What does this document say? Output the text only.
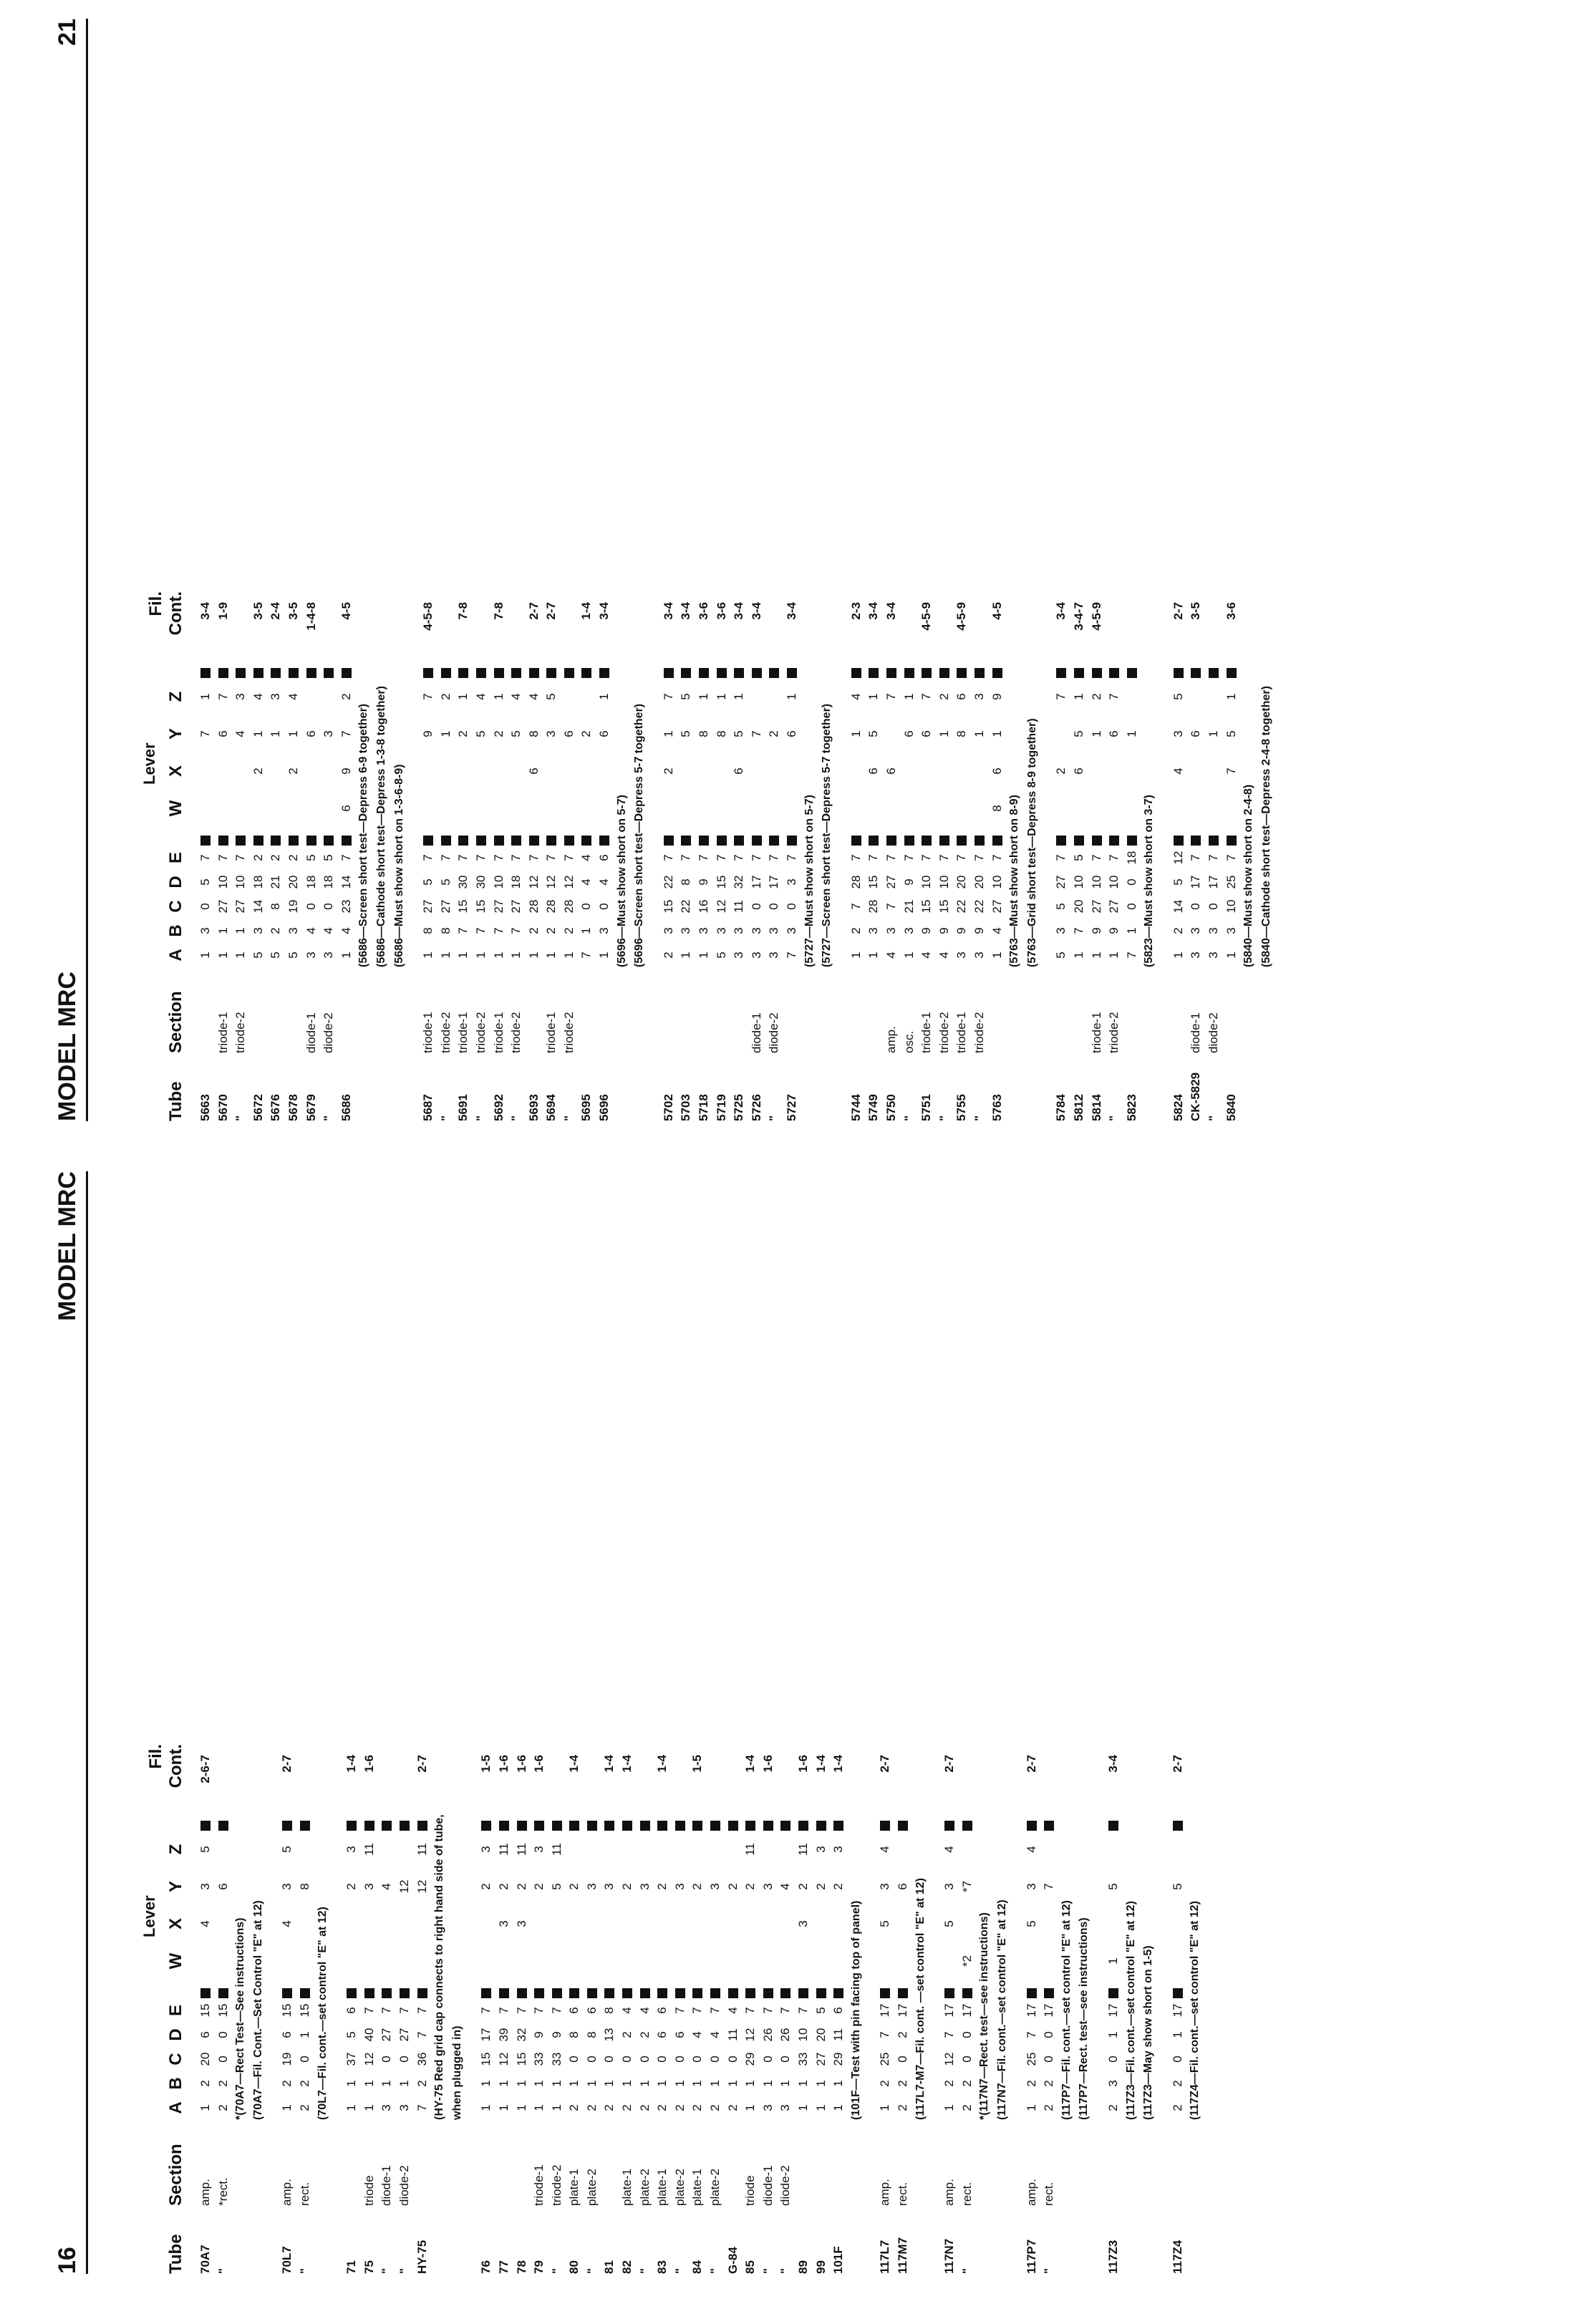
16
MODEL MRC
Tube
Section
A
B
C
D
E
W
X
Y
Z
Lever
Fil. Cont.
70A7
amp.
1
2
20
6
15
4
3
5
2-6-7
"
*rect.
2
2
0
0
15
6
*(70A7—Rect Test—See instructions) (70A7—Fil. Cont.—Set Control "E" at 12)
70L7
amp.
1
2
19
6
15
4
3
5
2-7
"
rect.
2
2
0
1
15
8
(70L7—Fil. cont.—set control "E" at 12)
71
1
1
37
5
6
2
3
1-4
75
triode
1
1
12
40
7
3
11
1-6
"
diode-1
3
1
0
27
7
4
"
diode-2
3
1
0
27
7
12
HY-75
7
2
36
7
7
12
11
2-7
(HY-75 Red grid cap connects to right hand side of tube, when plugged in)
76
1
1
15
17
7
2
3
1-5
77
1
1
12
39
7
3
2
11
1-6
78
1
1
15
32
7
3
2
11
1-6
79
triode-1
1
1
33
9
7
2
3
1-6
"
triode-2
1
1
33
9
7
5
11
80
plate-1
2
1
0
8
6
2
1-4
"
plate-2
2
1
0
8
6
3
81
2
1
0
13
8
3
1-4
82
plate-1
2
1
0
2
4
2
1-4
"
plate-2
2
1
0
2
4
3
83
plate-1
2
1
0
6
6
2
1-4
"
plate-2
2
1
0
6
7
3
84
plate-1
2
1
0
4
7
2
1-5
"
plate-2
2
1
0
4
7
3
G-84
2
1
0
11
4
2
85
triode
1
1
29
12
7
2
11
1-4
"
diode-1
3
1
0
26
7
3
1-6
"
diode-2
3
1
0
26
7
4
89
1
1
33
10
7
3
2
11
1-6
99
1
1
27
20
5
2
3
1-4
101F
1
1
29
11
6
2
3
1-4
(101F—Test with pin facing top of panel)
117L7
amp.
1
2
25
7
17
5
3
4
2-7
117M7
rect.
2
2
0
2
17
6 (117L7-M7—Fil. cont. —set control "E" at 12)
117N7
amp.
1
2
12
7
17
5
3
4
2-7
"
rect.
2
2
0
0
17
*2
*7
*(117N7—Rect. test—see instructions) (117N7—Fil. cont.—set control "E" at 12)
117P7
amp.
1
2
25
7
17
5
3
4
2-7
"
rect.
2
2
0
0
17
7
(117P7—Fil. cont.—set control "E" at 12) (117P7—Rect. test—see instructions)
117Z3
2
3
0
1
17
1
5
3-4
(117Z3—Fil. cont.—set control "E" at 12) (117Z3—May show short on 1-5)
117Z4
2
2
0
1
17
5
2-7
(117Z4—Fil. cont.—set control "E" at 12)
21
MODEL MRC	Tube
Section
A
B
C
D
E
W
X
Y
Z
Lever
Fil. Cont.
5663
1
3
0
5
7
7
1
3-4
5670
triode-1
1
1
27
10
7
6
7
1-9
"
triode-2
1
1
27
10
7
4
3
5672
5
3
14
18
2
2
1
4
3-5
5676
5
2
8
21
2
1
3
2-4
5678
5
3
19
20
2
2
1
4
3-5
5679
diode-1
3
4
0
18
5
6
1-4-8
"
diode-2
3
4
0
18
5
3
5686
1
4
23
14
7
6
9
7
2
4-5
(5686—Screen short test—Depress 6-9 together) (5686—Cathode short test—Depress 1-3-8 together) (5686—Must show short on 1-3-6-8-9)
5687
triode-1
1
8
27
5
7
9
7
4-5-8
"
triode-2
1
8
27
5
7
1
2
5691
triode-1
1
7
15
30
7
2
1
7-8
"
triode-2
1
7
15
30
7
5
4
5692
triode-1
1
7
27
10
7
2
1
7-8
"
triode-2
1
7
27
18
7
5
4
5693
1
2
28
12
7
6
8
4
2-7
5694
triode-1
1
2
28
12
7
3
5
2-7
"
triode-2
1
2
28
12
7
6
5695
7
1
0
4
4
2
1-4
5696
1
3
0
4
6
6
1
3-4
(5696—Must show short on 5-7) (5696—Screen short test—Depress 5-7 together)
5702
2
3
15
22
7
2
1
7
3-4
5703
1
3
22
8
7
5
5
3-4
5718
1
3
16
9
7
8
1
3-6
5719
5
3
12
15
7
8
1
3-6
5725
3
3
11
32
7
6
5
1
3-4
5726
diode-1
3
3
0
17
7
7
3-4
"
diode-2
3
3
0
17
7
2
5727
7
3
0
3
7
6
1
3-4
(5727—Must show short on 5-7) (5727—Screen short test—Depress 5-7 together)
5744
1
2
7
28
7
1
4
2-3
5749
1
3
28
15
7
6
5
1
3-4
5750
amp.
4
3
7
27
7
6
7
3-4
"
osc.
1
3
21
9
7
6
1
5751
triode-1
4
9
15
10
7
6
7
4-5-9
"
triode-2
4
9
15
10
7
1
2
5755
triode-1
3
9
22
20
7
8
6
4-5-9
"
triode-2
3
9
22
20
7
1
3
5763
1
4
27
10
7
8
6
1
9
4-5
(5763—Must show short on 8-9) (5763—Grid short test—Depress 8-9 together)
5784
5
3
5
27
7
2
7
3-4
5812
1
7
20
10
5
6
5
1
3-4-7
5814
triode-1
1
9
27
10
7
1
2
4-5-9
"
triode-2
1
9
27
10
7
6
7
5823
7
1
0
0
18
1
(5823—Must show short on 3-7)
5824
1
2
14
5
12
4
3
5
2-7
CK-5829
diode-1
3
3
0
17
7
6
3-5
"
diode-2
3
3
0
17
7
1
5840
1
3
10
25
7
7
5
1
3-6
(5840—Must show short on 2-4-8) (5840—Cathode short test—Depress 2-4-8 together)
